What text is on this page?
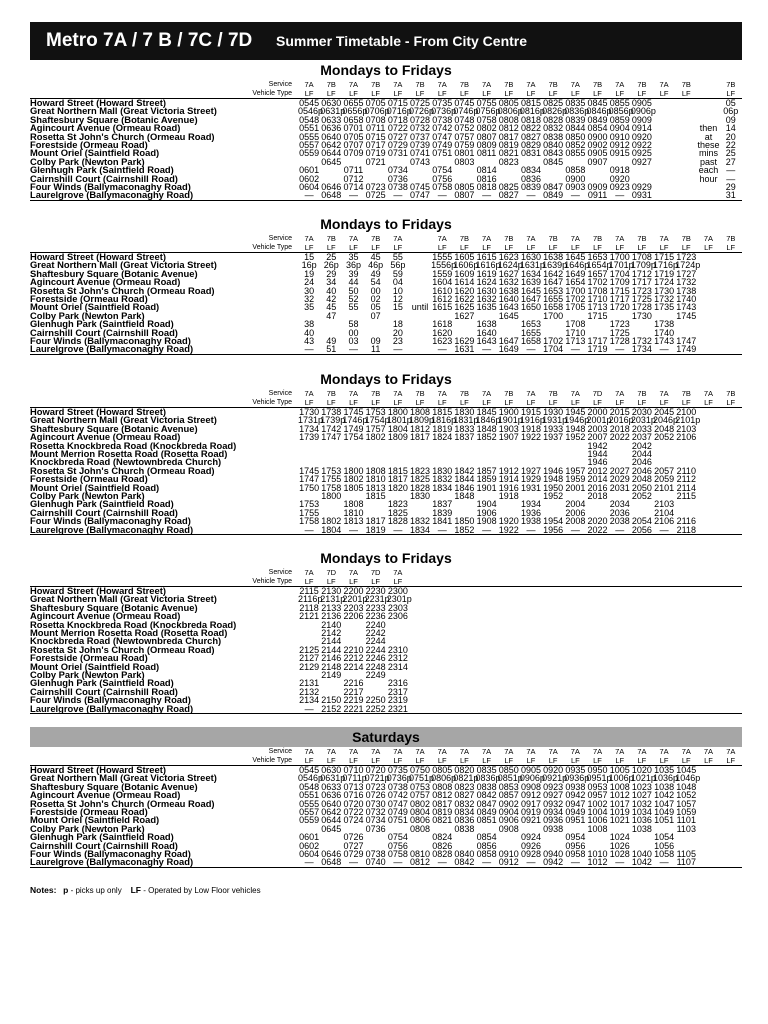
Metro 7A / 7 B / 7C / 7D	Summer Timetable - From City Centre
Mondays to Fridays
Service	7A	7B	7A	7B	7A	7B	7A	7B	7A	7B	7A	7B	7A	7B	7A	7B	7A	7B		7B
Vehicle Type	LF	LF	LF	LF	LF	LF	LF	LF	LF	LF	LF	LF	LF	LF	LF	LF	LF	LF		LF
Howard Street (Howard Street)	0545	0630	0655	0705	0715	0725	0735	0745	0755	0805	0815	0825	0835	0845	0855	0905				05
Great Northern Mall (Great Victoria Street)	0546p	0631p	0656p	0706p	0716p	0726p	0736p	0746p	0756p	0806p	0816p	0826p	0836p	0846p	0856p	0906p				06p
Shaftesbury Square (Botanic Avenue)	0548	0633	0658	0708	0718	0728	0738	0748	0758	0808	0818	0828	0839	0849	0859	0909				09
Agincourt Avenue (Ormeau Road)	0551	0636	0701	0711	0722	0732	0742	0752	0802	0812	0822	0832	0844	0854	0904	0914			then	14
Rosetta St John's Church (Ormeau Road)	0555	0640	0705	0715	0727	0737	0747	0757	0807	0817	0827	0838	0850	0900	0910	0920			at	20
Forestside (Ormeau Road)	0557	0642	0707	0717	0729	0739	0749	0759	0809	0819	0829	0840	0852	0902	0912	0922			these	22
Mount Oriel (Saintfield Road)	0559	0644	0709	0719	0731	0741	0751	0801	0811	0821	0831	0843	0855	0905	0915	0925			mins	25
Colby Park (Newton Park)		0645		0721		0743		0803		0823		0845		0907		0927			past	27
Glenhugh Park (Saintfield Road)	0601		0711		0734		0754		0814		0834		0858		0918				each	—
Cairnshill Court (Cairnshill Road)	0602		0712		0736		0756		0816		0836		0900		0920				hour	—
Four Winds (Ballymaconaghy Road)	0604	0646	0714	0723	0738	0745	0758	0805	0818	0825	0839	0847	0903	0909	0923	0929				29
Laurelgrove (Ballymaconaghy Road)	—	0648	—	0725	—	0747	—	0807	—	0827	—	0849	—	0911	—	0931				31
Mondays to Fridays
Service	7A	7B	7A	7B	7A		7A	7B	7A	7B	7A	7B	7A	7B	7A	7B	7A	7B	7A	7B
Vehicle Type	LF	LF	LF	LF	LF		LF	LF	LF	LF	LF	LF	LF	LF	LF	LF	LF	LF	LF	LF
Howard Street (Howard Street)	15	25	35	45	55		1555	1605	1615	1623	1630	1638	1645	1653	1700	1708	1715	1723		
Great Northern Mall (Great Victoria Street)	16p	26p	36p	46p	56p		1556p	1606p	1616p	1624p	1631p	1639p	1646p	1654p	1701p	1709p	1716p	1724p		
Shaftesbury Square (Botanic Avenue)	19	29	39	49	59		1559	1609	1619	1627	1634	1642	1649	1657	1704	1712	1719	1727		
Agincourt Avenue (Ormeau Road)	24	34	44	54	04		1604	1614	1624	1632	1639	1647	1654	1702	1709	1717	1724	1732		
Rosetta St John's Church (Ormeau Road)	30	40	50	00	10		1610	1620	1630	1638	1645	1653	1700	1708	1715	1723	1730	1738		
Forestside (Ormeau Road)	32	42	52	02	12		1612	1622	1632	1640	1647	1655	1702	1710	1717	1725	1732	1740		
Mount Oriel (Saintfield Road)	35	45	55	05	15	until	1615	1625	1635	1643	1650	1658	1705	1713	1720	1728	1735	1743		
Colby Park (Newton Park)		47		07				1627		1645		1700		1715		1730		1745		
Glenhugh Park (Saintfield Road)	38		58		18		1618		1638		1653		1708		1723		1738			
Cairnshill Court (Cairnshill Road)	40		00		20		1620		1640		1655		1710		1725		1740			
Four Winds (Ballymaconaghy Road)	43	49	03	09	23		1623	1629	1643	1647	1658	1702	1713	1717	1728	1732	1743	1747		
Laurelgrove (Ballymaconaghy Road)	—	51	—	11	—		—	1631	—	1649	—	1704	—	1719	—	1734	—	1749		
Mondays to Fridays
Service	7A	7B	7A	7B	7A	7B	7A	7B	7A	7B	7A	7B	7A	7D	7A	7B	7A	7B	7A	7B
Vehicle Type	LF	LF	LF	LF	LF	LF	LF	LF	LF	LF	LF	LF	LF	LF	LF	LF	LF	LF	LF	LF
Howard Street (Howard Street)	1730	1738	1745	1753	1800	1808	1815	1830	1845	1900	1915	1930	1945	2000	2015	2030	2045	2100		
Great Northern Mall (Great Victoria Street)	1731p	1739p	1746p	1754p	1801p	1809p	1816p	1831p	1846p	1901p	1916p	1931p	1946p	2001p	2016p	2031p	2046p	2101p		
Shaftesbury Square (Botanic Avenue)	1734	1742	1749	1757	1804	1812	1819	1833	1848	1903	1918	1933	1948	2003	2018	2033	2048	2103		
Agincourt Avenue (Ormeau Road)	1739	1747	1754	1802	1809	1817	1824	1837	1852	1907	1922	1937	1952	2007	2022	2037	2052	2106		
Rosetta Knockbreda Road (Knockbreda Road)														1942		2042				
Mount Merrion Rosetta Road (Rosetta Road)														1944		2044				
Knockbreda Road (Newtownbreda Church)														1946		2046				
Rosetta St John's Church (Ormeau Road)	1745	1753	1800	1808	1815	1823	1830	1842	1857	1912	1927	1946	1957	2012	2027	2046	2057	2110		
Forestside (Ormeau Road)	1747	1755	1802	1810	1817	1825	1832	1844	1859	1914	1929	1948	1959	2014	2029	2048	2059	2112		
Mount Oriel (Saintfield Road)	1750	1758	1805	1813	1820	1828	1834	1846	1901	1916	1931	1950	2001	2016	2031	2050	2101	2114		
Colby Park (Newton Park)		1800		1815		1830		1848		1918		1952		2018		2052		2115		
Glenhugh Park (Saintfield Road)	1753		1808		1823		1837		1904		1934		2004		2034		2103			
Cairnshill Court (Cairnshill Road)	1755		1810		1825		1839		1906		1936		2006		2036		2104			
Four Winds (Ballymaconaghy Road)	1758	1802	1813	1817	1828	1832	1841	1850	1908	1920	1938	1954	2008	2020	2038	2054	2106	2116		
Laurelgrove (Ballymaconaghy Road)	—	1804	—	1819	—	1834	—	1852	—	1922	—	1956	—	2022	—	2056	—	2118		
Mondays to Fridays
Service	7A	7D	7A	7D	7A															
Vehicle Type	LF	LF	LF	LF	LF															
Howard Street (Howard Street)	2115	2130	2200	2230	2300															
Great Northern Mall (Great Victoria Street)	2116p	2131p	2201p	2231p	2301p															
Shaftesbury Square (Botanic Avenue)	2118	2133	2203	2233	2303															
Agincourt Avenue (Ormeau Road)	2121	2136	2206	2236	2306															
Rosetta Knockbreda Road (Knockbreda Road)		2140		2240																
Mount Merrion Rosetta Road (Rosetta Road)		2142		2242																
Knockbreda Road (Newtownbreda Church)		2144		2244																
Rosetta St John's Church (Ormeau Road)	2125	2144	2210	2244	2310															
Forestside (Ormeau Road)	2127	2146	2212	2246	2312															
Mount Oriel (Saintfield Road)	2129	2148	2214	2248	2314															
Colby Park (Newton Park)		2149		2249																
Glenhugh Park (Saintfield Road)	2131		2216		2316															
Cairnshill Court (Cairnshill Road)	2132		2217		2317															
Four Winds (Ballymaconaghy Road)	2134	2150	2219	2250	2319															
Laurelgrove (Ballymaconaghy Road)	—	2152	2221	2252	2321															
Saturdays
Service	7A	7A	7A	7A	7A	7A	7A	7A	7A	7A	7A	7A	7A	7A	7A	7A	7A	7A	7A	7A
Vehicle Type	LF	LF	LF	LF	LF	LF	LF	LF	LF	LF	LF	LF	LF	LF	LF	LF	LF	LF	LF	LF
Howard Street (Howard Street)	0545	0630	0710	0720	0735	0750	0805	0820	0835	0850	0905	0920	0935	0950	1005	1020	1035	1045		
Great Northern Mall (Great Victoria Street)	0546p	0631p	0711p	0721p	0736p	0751p	0806p	0821p	0836p	0851p	0906p	0921p	0936p	0951p	1006p	1021p	1036p	1046p		
Shaftesbury Square (Botanic Avenue)	0548	0633	0713	0723	0738	0753	0808	0823	0838	0853	0908	0923	0938	0953	1008	1023	1038	1048		
Agincourt Avenue (Ormeau Road)	0551	0636	0716	0726	0742	0757	0812	0827	0842	0857	0912	0927	0942	0957	1012	1027	1042	1052		
Rosetta St John's Church (Ormeau Road)	0555	0640	0720	0730	0747	0802	0817	0832	0847	0902	0917	0932	0947	1002	1017	1032	1047	1057		
Forestside (Ormeau Road)	0557	0642	0722	0732	0749	0804	0819	0834	0849	0904	0919	0934	0949	1004	1019	1034	1049	1059		
Mount Oriel (Saintfield Road)	0559	0644	0724	0734	0751	0806	0821	0836	0851	0906	0921	0936	0951	1006	1021	1036	1051	1101		
Colby Park (Newton Park)		0645		0736		0808		0838		0908		0938		1008		1038		1103		
Glenhugh Park (Saintfield Road)	0601		0726		0754		0824		0854		0924		0954		1024		1054			
Cairnshill Court (Cairnshill Road)	0602		0727		0756		0826		0856		0926		0956		1026		1056			
Four Winds (Ballymaconaghy Road)	0604	0646	0729	0738	0758	0810	0828	0840	0858	0910	0928	0940	0958	1010	1028	1040	1058	1105		
Laurelgrove (Ballymaconaghy Road)	—	0648	—	0740	—	0812	—	0842	—	0912	—	0942	—	1012	—	1042	—	1107		
Notes: p - picks up only LF - Operated by Low Floor vehicles
